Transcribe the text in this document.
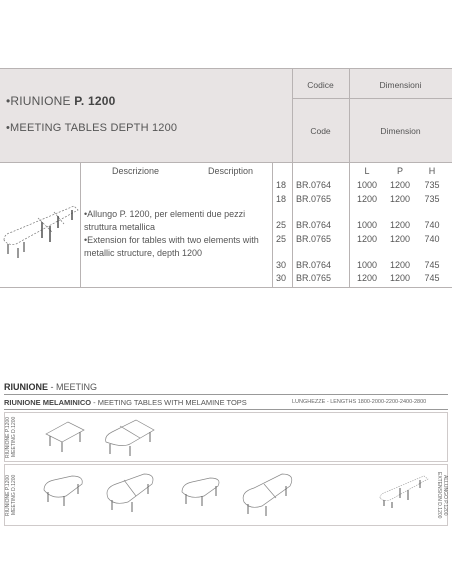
•RIUNIONE P. 1200
•MEETING TABLES DEPTH 1200
Codice
Code
Dimensioni
Dimension
Descrizione	Description	L	P	H
•Allungo P. 1200, per elementi due pezzi struttura metallica
•Extension for tables with two elements with metallic structure, depth 1200
18 BR.0764	1000 1200	735
18 BR.0765	1200 1200	735
25 BR.0764	1000 1200	740
25 BR.0765	1200 1200	740
30 BR.0764	1000 1200	745
30 BR.0765	1200 1200	745
RIUNIONE - MEETING
RIUNIONE MELAMINICO - MEETING TABLES WITH MELAMINE TOPS	LUNGHEZZE - LENGTHS 1800-2000-2200-2400-2800
RIUNIONE P.1200
MEETING D.1200
RIUNIONE P.1200
MEETING D.1200	ALLUNGO P.1200
EXTENSION D.1200
